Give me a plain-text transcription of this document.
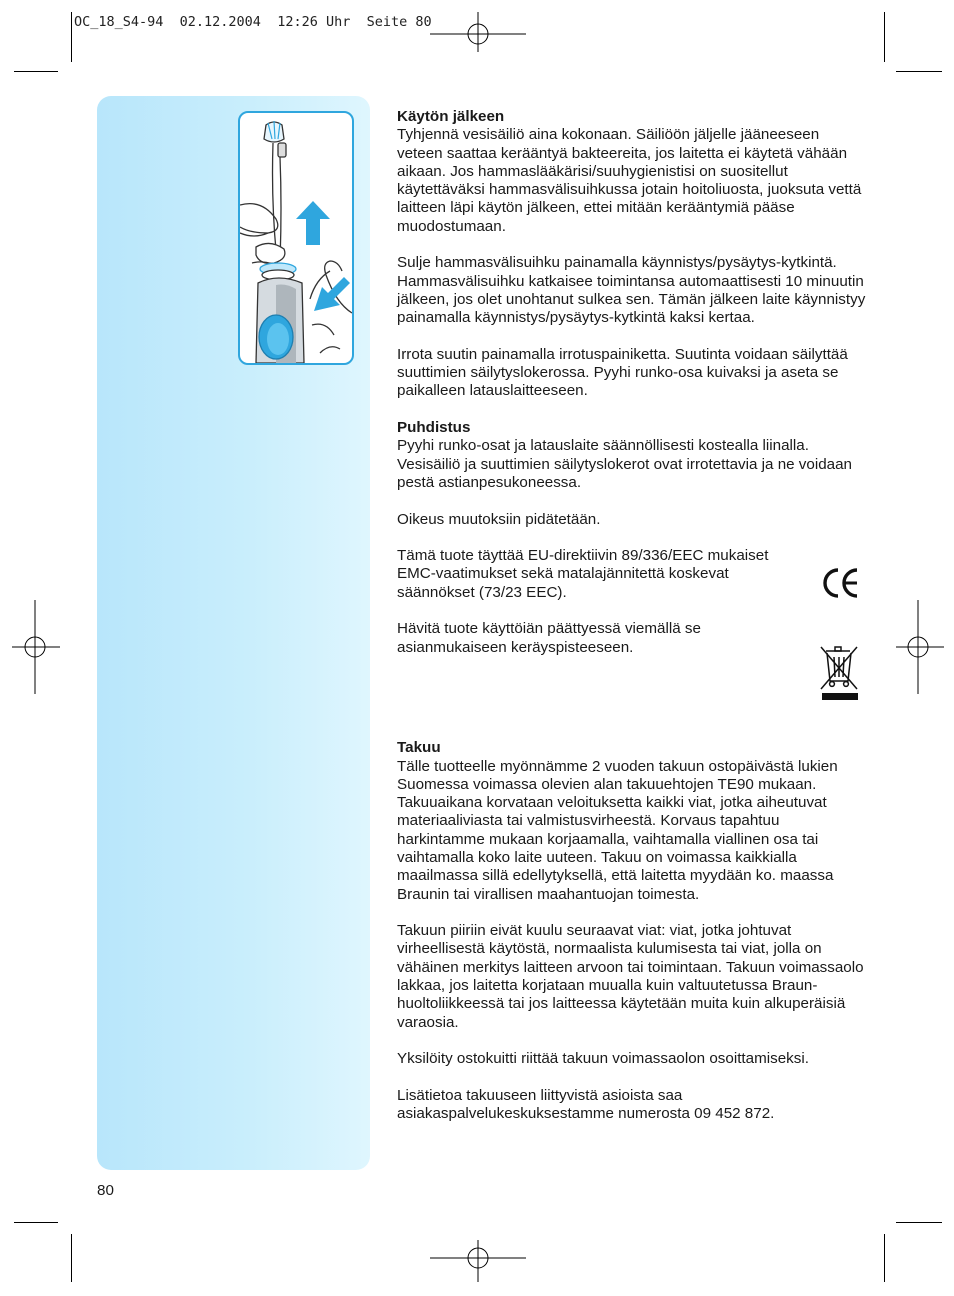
OC_18_S4-94  02.12.2004  12:26 Uhr  Seite 80
Käytön jälkeen

Tyhjennä vesisäiliö aina kokonaan. Säiliöön jäljelle jääneeseen veteen saattaa kerääntyä bakteereita, jos laitetta ei käytetä vähään aikaan. Jos hammaslääkärisi/suuhygienistisi on suositellut käytettäväksi hammasvälisuihkussa jotain hoitoliuosta, juoksuta vettä laitteen läpi käytön jälkeen, ettei mitään kerääntymiä pääse muodostumaan.

Sulje hammasvälisuihku painamalla käynnistys/pysäytys-kytkintä. Hammasvälisuihku katkaisee toimintansa automaattisesti 10 minuutin jälkeen, jos olet unohtanut sulkea sen. Tämän jälkeen laite käynnistyy painamalla käynnistys/pysäytys-kytkintä kaksi kertaa.

Irrota suutin painamalla irrotuspainiketta. Suutinta voidaan säilyttää suuttimien säilytyslokerossa. Pyyhi runko-osa kuivaksi ja aseta se paikalleen latauslaitteeseen.

Puhdistus

Pyyhi runko-osat ja latauslaite säännöllisesti kostealla liinalla. Vesisäiliö ja suuttimien säilytyslokerot ovat irrotettavia ja ne voidaan pestä astianpesukoneessa.

Oikeus muutoksiin pidätetään.

Tämä tuote täyttää EU-direktiivin 89/336/EEC mukaiset EMC-vaatimukset sekä matalajännitettä koskevat säännökset (73/23 EEC).

Hävitä tuote käyttöiän päättyessä viemällä se asianmukaiseen keräyspisteeseen.

Takuu

Tälle tuotteelle myönnämme 2 vuoden takuun ostopäivästä lukien Suomessa voimassa olevien alan takuuehtojen TE90 mukaan. Takuuaikana korvataan veloituksetta kaikki viat, jotka aiheutuvat materiaaliviasta tai valmistusvirheestä. Korvaus tapahtuu harkintamme mukaan korjaamalla, vaihtamalla viallinen osa tai vaihtamalla koko laite uuteen. Takuu on voimassa kaikkialla maailmassa sillä edellytyksellä, että laitetta myydään ko. maassa Braunin tai virallisen maahantuojan toimesta.

Takuun piiriin eivät kuulu seuraavat viat: viat, jotka johtuvat virheellisestä käytöstä, normaalista kulumisesta tai viat, jolla on vähäinen merkitys laitteen arvoon tai toimintaan. Takuun voimassaolo lakkaa, jos laitetta korjataan muualla kuin valtuutetussa Braun-huoltoliikkeessä tai jos laitteessa käytetään muita kuin alkuperäisiä varaosia.

Yksilöity ostokuitti riittää takuun voimassaolon osoittamiseksi.

Lisätietoa takuuseen liittyvistä asioista saa asiakaspalvelukeskuksestamme numerosta 09 452 872.

80
